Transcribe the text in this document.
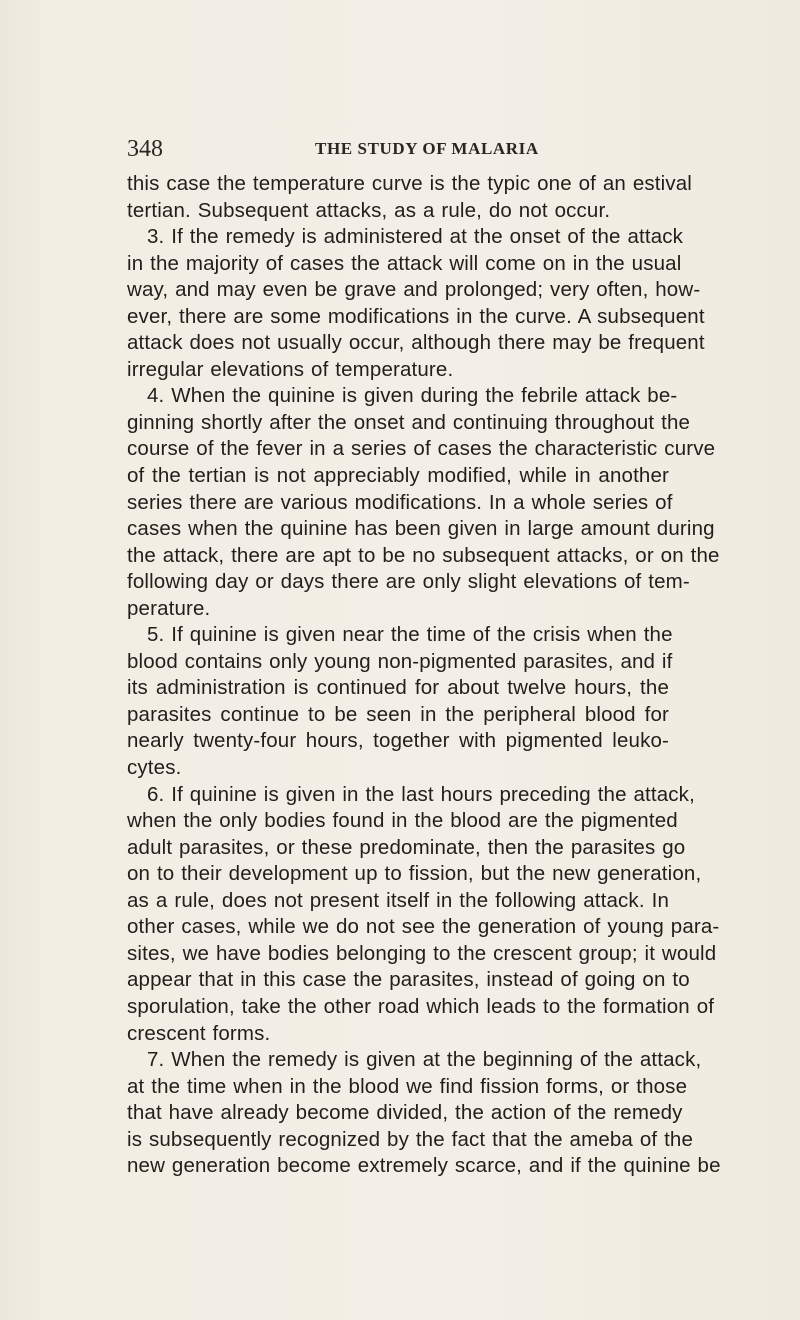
348	THE STUDY OF MALARIA
this case the temperature curve is the typic one of an estival
tertian. Subsequent attacks, as a rule, do not occur.
3. If the remedy is administered at the onset of the attack
in the majority of cases the attack will come on in the usual
way, and may even be grave and prolonged; very often, how-
ever, there are some modifications in the curve. A subsequent
attack does not usually occur, although there may be frequent
irregular elevations of temperature.
4. When the quinine is given during the febrile attack be-
ginning shortly after the onset and continuing throughout the
course of the fever in a series of cases the characteristic curve
of the tertian is not appreciably modified, while in another
series there are various modifications. In a whole series of
cases when the quinine has been given in large amount during
the attack, there are apt to be no subsequent attacks, or on the
following day or days there are only slight elevations of tem-
perature.
5. If quinine is given near the time of the crisis when the
blood contains only young non-pigmented parasites, and if
its administration is continued for about twelve hours, the
parasites continue to be seen in the peripheral blood for
nearly twenty-four hours, together with pigmented leuko-
cytes.
6. If quinine is given in the last hours preceding the attack,
when the only bodies found in the blood are the pigmented
adult parasites, or these predominate, then the parasites go
on to their development up to fission, but the new generation,
as a rule, does not present itself in the following attack. In
other cases, while we do not see the generation of young para-
sites, we have bodies belonging to the crescent group; it would
appear that in this case the parasites, instead of going on to
sporulation, take the other road which leads to the formation of
crescent forms.
7. When the remedy is given at the beginning of the attack,
at the time when in the blood we find fission forms, or those
that have already become divided, the action of the remedy
is subsequently recognized by the fact that the ameba of the
new generation become extremely scarce, and if the quinine be
